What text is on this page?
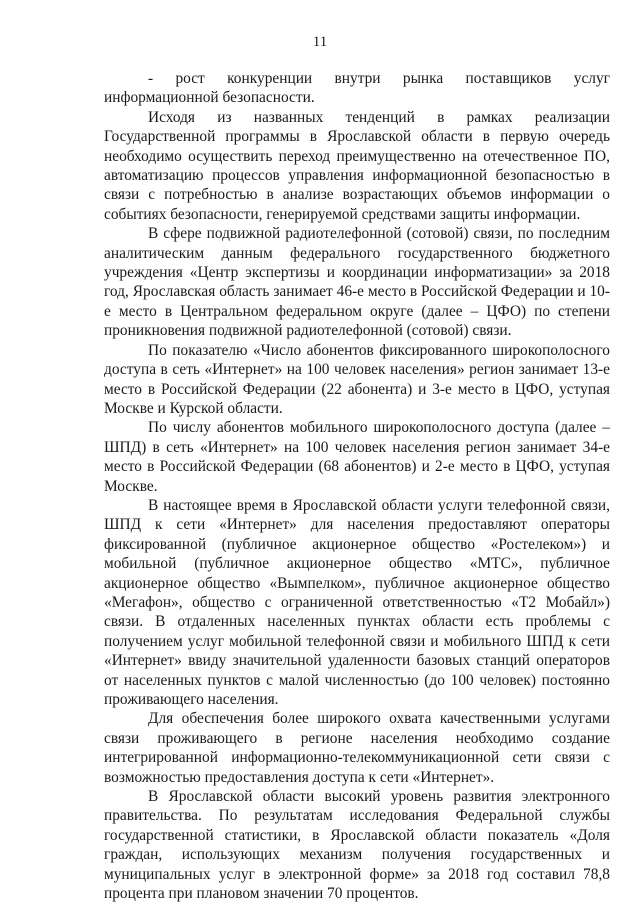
11

- рост конкуренции внутри рынка поставщиков услуг информационной безопасности.

Исходя из названных тенденций в рамках реализации Государственной программы в Ярославской области в первую очередь необходимо осуществить переход преимущественно на отечественное ПО, автоматизацию процессов управления информационной безопасностью в связи с потребностью в анализе возрастающих объемов информации о событиях безопасности, генерируемой средствами защиты информации.

В сфере подвижной радиотелефонной (сотовой) связи, по последним аналитическим данным федерального государственного бюджетного учреждения «Центр экспертизы и координации информатизации» за 2018 год, Ярославская область занимает 46-е место в Российской Федерации и 10-е место в Центральном федеральном округе (далее – ЦФО) по степени проникновения подвижной радиотелефонной (сотовой) связи.

По показателю «Число абонентов фиксированного широкополосного доступа в сеть «Интернет» на 100 человек населения» регион занимает 13-е место в Российской Федерации (22 абонента) и 3-е место в ЦФО, уступая Москве и Курской области.

По числу абонентов мобильного широкополосного доступа (далее – ШПД) в сеть «Интернет» на 100 человек населения регион занимает 34-е место в Российской Федерации (68 абонентов) и 2-е место в ЦФО, уступая Москве.

В настоящее время в Ярославской области услуги телефонной связи, ШПД к сети «Интернет» для населения предоставляют операторы фиксированной (публичное акционерное общество «Ростелеком») и мобильной (публичное акционерное общество «МТС», публичное акционерное общество «Вымпелком», публичное акционерное общество «Мегафон», общество с ограниченной ответственностью «Т2 Мобайл») связи. В отдаленных населенных пунктах области есть проблемы с получением услуг мобильной телефонной связи и мобильного ШПД к сети «Интернет» ввиду значительной удаленности базовых станций операторов от населенных пунктов с малой численностью (до 100 человек) постоянно проживающего населения.

Для обеспечения более широкого охвата качественными услугами связи проживающего в регионе населения необходимо создание интегрированной информационно-телекоммуникационной сети связи с возможностью предоставления доступа к сети «Интернет».

В Ярославской области высокий уровень развития электронного правительства. По результатам исследования Федеральной службы государственной статистики, в Ярославской области показатель «Доля граждан, использующих механизм получения государственных и муниципальных услуг в электронной форме» за 2018 год составил 78,8 процента при плановом значении 70 процентов.
